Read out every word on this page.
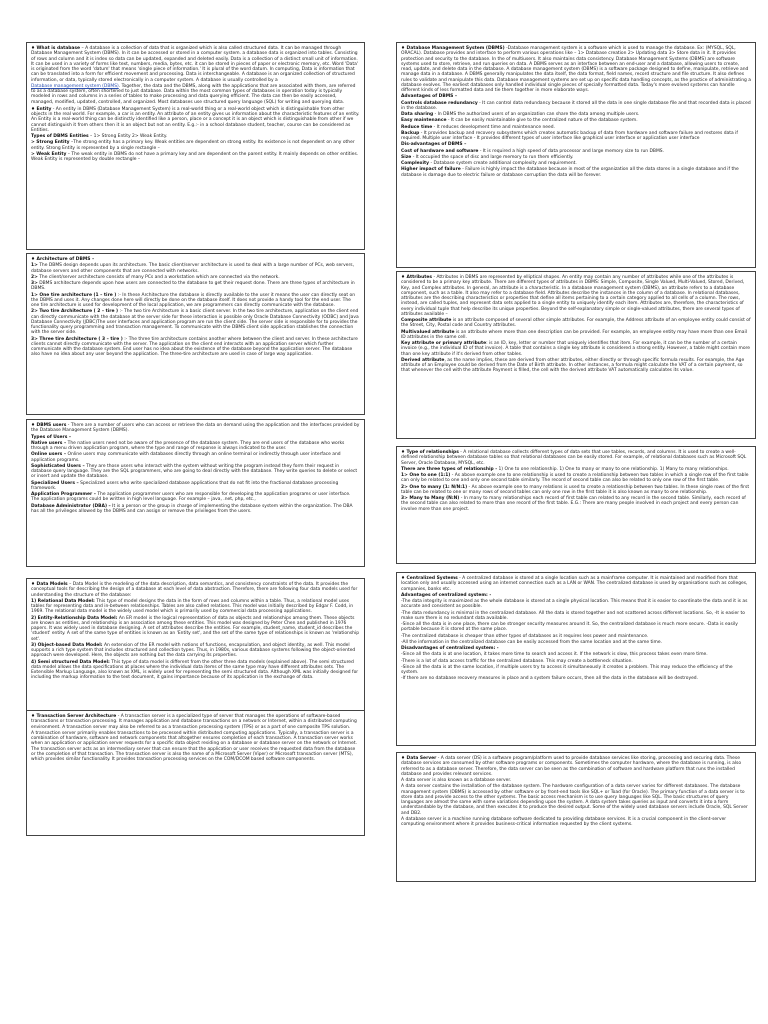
♦ What is database – A database is a collection of data that is organized which is also called structured data. It can be managed through Database Management System (DBMS). In it can be accessed or stored in a computer system. a database data is organized into tables. Consisting of rows and column and it is index so data can be updated, expanded and deleted easily. Data is a collection of a distinct small unit of information. It can be used in a variety of forms like text, numbers, media, bytes, etc. it can be stored in pieces of paper or electronic memory, etc. Word 'Data' is originated from the word 'datum' that means 'single piece of information.' It is plural of the word datum. In computing, Data is information that can be translated into a form for efficient movement and processing. Data is interchangeable. A database is an organized collection of structured information, or data, typically stored electronically in a computer system. A database is usually controlled by a

Database management system (DBMS). Together, the data and the DBMS, along with the applications that are associated with them, are referred to as a database system, often shortened to just database. Data within the most common types of databases in operation today is typically modeled in rows and columns in a series of tables to make processing and data querying efficient. The data can then be easily accessed, managed, modified, updated, controlled, and organized. Most databases use structured query language (SQL) for writing and querying data.

♦ Entity - An entity in DBMS (Database Management System) is a real-world thing or a real-world object which is distinguishable from other objects in the real world. For example, a car is an entity. An attribute of an entity gives us information about the characteristic features of an entity. An Entity is a real-world thing can be distinctly identified like a person, place or a concept it is an object which is distinguishable from other if we cannot distinguish it from others then it is an object but not an entity. E.g.:- in a school database student, teacher, course can be considered as Entities.

Types of DBMS Entities – 1> Strong Entity 2> Weak Entity.

> Strong Entity –The strong entity has a primary key. Weak entities are dependent on strong entity. Its existence is not dependent on any other entity. Strong Entity is represented by a single rectangle –

> Weak Entity – The weak entity in DBMS do not have a primary key and are dependent on the parent entity. It mainly depends on other entities. Weak Entity is represented by double rectangle –

♦ Architecture of DBMS –

1> The DBMS design depends upon its architecture. The basic client/server architecture is used to deal with a large number of PCs, web servers, database servers and other components that are connected with networks.

2> The client/server architecture consists of many PCs and a workstation which are connected via the network.

3> DBMS architecture depends upon how users are connected to the database to get their request done. There are three types of architecture in DBMS.

1> One tire architecture (1 – tire ) :- In these Architecture the database is directly available to the user it means the user can directly seat on the DBMS and uses it. Any changes done here will directly be done on the database itself. It does not provide a handy tool for the end user. The one tire architecture is used for development of the local application, we are programmers can directly communicate with the database.

2> Two tire Architecture ( 2 – tire ) :- The two tire Architecture is a basic client server. In the two tire architecture, application on the client end can directly communicate with the database at the server side for these interaction is possible only Oracle Database Connectivity (ODBC) and Java Database Connectivity (JDBC)The user interfaces and application program are run the client side. The server side is responsible for to provides the functionality query programming and transaction management. To communicate with the DBMS client side application stablishes the connection with the server side.

3> Three tire Architecture ( 3 – tire ) :- The three tire architecture contains another where between the client and server. In these architecture clients cannot directly communicate with the server. The application on the client end interacts with an application server which further communicate with the database system. End user has no idea about the existence of the database beyond the application server. The database also have no idea about any user beyond the application. The three-tire architecture are used in case of large way application.

♦ DBMS users - There are a number of users who can access or retrieve the data on demand using the application and the interfaces provided by the Database Management System (DBMS).

Types of Users –

Native users – The native users need not be aware of the presence of the database system. They are end users of the database who works through a menu driven application program, where the type and range of response is always indicated to the user.

Online users – Online users may communicate with databases directly through an online terminal or indirectly through user interface and application programs.

Sophisticated Users – They are those users who interact with the system without writing the program instead they form their request in database query language. They are the SQL programmers, who are going to deal directly with the database. They write queries to delete or select or insert and update the database.

Specialized Users – Specialized users who write specialized database applications that do not fit into the fractional database processing framework.

Application Programmer – The application programmer users who are responsible for developing the application programs or user interface. The application programs could be written in high level language. For example – java, .net, php, etc.,

Database Administrator (DBA) – It is a person or the group in charge of implementing the database system within the organization. The DBA has all the privileges allowed by the DBMS and can assign or remove the privileges from the users.

♦ Data Models – Data Model is the modeling of the data description, data semantics, and consistency constraints of the data. It provides the conceptual tools for describing the design of a database at each level of data abstraction. Therefore, there are following four data models used for understanding the structure of the database:

1) Relational Data Model: This type of model designs the data in the form of rows and columns within a table. Thus, a relational model uses tables for representing data and in-between relationships. Tables are also called relations. This model was initially described by Edgar F. Codd, in 1969. The relational data model is the widely used model which is primarily used by commercial data processing applications.

2) Entity-Relationship Data Model: An ER model is the logical representation of data as objects and relationships among them. These objects are known as entities, and relationship is an association among these entities. This model was designed by Peter Chen and published in 1976 papers. It was widely used in database designing. A set of attributes describe the entities. For example, student_name, student_id describes the 'student' entity. A set of the same type of entities is known as an 'Entity set', and the set of the same type of relationships is known as 'relationship set'.

3) Object-based Data Model: An extension of the ER model with notions of functions, encapsulation, and object identity, as well. This model supports a rich type system that includes structured and collection types. Thus, in 1980s, various database systems following the object-oriented approach were developed. Here, the objects are nothing but the data carrying its properties.

4) Semi structured Data Model: This type of data model is different from the other three data models (explained above). The semi structured data model allows the data specifications at places where the individual data items of the same type may have different attributes sets. The Extensible Markup Language, also known as XML, is widely used for representing the semi structured data. Although XML was initially designed for including the markup information to the text document, it gains importance because of its application in the exchange of data.

♦ Transaction Server Architecture - A transaction server is a specialized type of server that manages the operations of software-based transactions or transaction processing. It manages application and database transactions on a network or Internet, within a distributed computing environment. A transaction server may also be referred to as a transaction processing system (TPS) or as a part of one composite TPS solution.

A transaction server primarily enables transactions to be processed within distributed computing applications. Typically, a transaction server is a combination of hardware, software and network components that altogether ensures completion of each transaction. A transaction server works when an application or application server requests for a specific data object residing on a database or database server on the network or Internet. The transaction server acts as an intermediary server that can ensure that the application or user receives the requested data from the database or the completion of that transaction. The transaction server is also the name of a Microsoft Server (Viper) or Microsoft transaction server (MTS), which provides similar functionality. It provides transaction processing services on the COM/DCOM based software components.

♦ Database Management System (DBMS) -Database management system is a software which is used to manage the database. Ex: (MYSQL, SQL, ORACAL). Database provides and interface to perform various operations like – 1> Database creation 2> Updating data 3> Store data in it. It provides protection and security to the database. In the of multiusers. It also maintains data consistency. Database Management Systems (DBMS) are software systems used to store, retrieve, and run queries on data. A DBMS serves as an interface between an end-user and a database, allowing users to create, read, update, and delete data in the database. A database management system (DBMS) is a software package designed to define, manipulate, retrieve and manage data in a database. A DBMS generally manipulates the data itself, the data format, field names, record structure and file structure. It also defines rules to validate and manipulate this data. Database management systems are set up on specific data handling concepts, as the practice of administrating a database evolves. The earliest databases only handled individual single pieces of specially formatted data. Today's more evolved systems can handle different kinds of less formatted data and tie them together in more elaborate ways.

Advantages of DBMS –

Controls database redundancy - It can control data redundancy because it stored all the data in one single database file and that recorded data is placed in the database.

Data sharing - In DBMS the authorized users of an organization can share the data among multiple users.

Easy maintenance - It can be easily maintainable give to the centralized nature of the database system.

Reduce time - It reduces development time and maintenance need.

Backup - It provides backup and recovery subsystems which creates automatic backup of data from hardware and software failure and restores data if required. Multiple user interface - It provides different types of user interface like graphical user interface or application user interface

Dis-advantages of DBMS –

Cost of hardware and software - It is required a high speed of data processor and large memory size to run DBMS.

Size - It occupied the space of disc and large memory to run them efficiently.

Complexity - Database system create additional complexity and requirement.

Higher impact of failure - Failure is highly impact the database because in most of the organization all the data stores in a single database and if the database is damage due to electric failure or database corruption the data will be forever.

♦ Attributes - Attributes in DBMS are represented by elliptical shapes. An entity may contain any number of attributes while one of the attributes is considered to be a primary key attribute. There are different types of attributes in DBMS: Simple, Composite, Single Valued, Multi-Valued, Stored, Derived, Key, and Complex attributes. In general, an attribute is a characteristic. In a database management system (DBMS), an attribute refers to a database component, such as a table. It also may refer to a database field. Attributes describe the instances in the column of a database. In relational databases, attributes are the describing characteristics or properties that define all items pertaining to a certain category applied to all cells of a column. The rows, instead, are called tuples, and represent data sets applied to a single entity to uniquely identify each item. Attributes are, therefore, the characteristics of every individual tuple that help describe its unique properties. Beyond the self-explanatory simple or single-valued attributes, there are several types of attributes available –

Composite attribute is an attribute composed of several other simple attributes. For example, the Address attribute of an employee entity could consist of the Street, City, Postal code and Country attributes.

Multivalued attribute is an attribute where more than one description can be provided. For example, an employee entity may have more than one Email ID attributes in the same cell.

Key attribute or primary attribute: is an ID, key, letter or number that uniquely identifies that item. For example, it can be the number of a certain invoice (e.g., the individual ID of that invoice). A table that contains a single key attribute is considered a strong entity. However, a table might contain more than one key attribute if it's derived from other tables.

Derived attribute, as the name implies, these are derived from other attributes, either directly or through specific formula results. For example, the Age attribute of an Employee could be derived from the Date of Birth attribute. In other instances, a formula might calculate the VAT of a certain payment, so that whenever the cell with the attribute Payment is filled, the cell with the derived attribute VAT automatically calculates its value.

♦ Type of relationships - A relational database collects different types of data sets that use tables, records, and columns. It is used to create a well-defined relationship between database tables so that relational databases can be easily stored. For example, of relational databases such as Microsoft SQL Server, Oracle Database, MYSQL, etc.

There are three types of relationship - 1) One to one relationship. 1) One to many or many to one relationship. 1) Many to many relationships.

1> One to one (1:1) - As above example one to one relationship is used to create a relationship between two tables in which a single row of the first table can only be related to one and only one second table similarly. The record of second table can also be related to only one row of the first table.

2> One to many (1: N/N:1) - As above example one to many relations is used to create a relationship between two tables. In these single rows of the first table can be related to one or many rows of second tables can only one row in the first table it is also known as many to one relationship.

3> Many to Many (N:N) - In many to many relationships each record of first table can related to any record in the second table. Similarly, each record of the second table can also related to more than one record of the first table. E.G.: There are many people involved in each project and every person can involve more than one project.

♦ Centralized Systems - A centralized database is stored at a single location such as a mainframe computer. It is maintained and modified from that location only and usually accessed using an internet connection such as a LAN or WAN. The centralized database is used by organisations such as colleges, companies, banks etc.

Advantages of centralized system: -

-The data integrity is maximized as the whole database is stored at a single physical location. This means that it is easier to coordinate the data and it is as accurate and consistent as possible.

-The data redundancy is minimal in the centralized database. All the data is stored together and not scattered across different locations. So, -It is easier to make sure there is no redundant data available.

-Since all the data is in one place, there can be stronger security measures around it. So, the centralized database is much more secure. -Data is easily portable because it is stored at the same place.

-The centralized database is cheaper than other types of databases as it requires less power and maintenance.

-All the information in the centralized database can be easily accessed from the same location and at the same time.

Disadvantages of centralized system: -

-Since all the data is at one location, it takes more time to search and access it. If the network is slow, this process takes even more time.

-There is a lot of data access traffic for the centralized database. This may create a bottleneck situation.

-Since all the data is at the same location, if multiple users try to access it simultaneously it creates a problem. This may reduce the efficiency of the system.

-If there are no database recovery measures in place and a system failure occurs, then all the data in the database will be destroyed.

♦ Data Server - A data server (DS) is a software program/platform used to provide database services like storing, processing and securing data. These database services are consumed by other software programs or components. Sometimes the computer hardware, where the database is running, is also referred to as a database server. Therefore, the data server can be seen as the combination of software and hardware platform that runs the installed database and provides relevant services.

A data server is also known as a database server.

A data server contains the installation of the database system. The hardware configuration of a data server varies for different databases. The database management system (DBMS) is accessed by other software or by front-end tools like SQL+ or Toad (for Oracle). The primary function of a data server is to store data and provide access to the other systems. The basic access mechanism is to use query languages like SQL. The basic structures of query languages are almost the same with some variations depending upon the system. A data system takes queries as input and converts it into a form understandable by the database, and then executes it to produce the desired output. Some of the widely used database servers include Oracle, SQL Server and DB2.

A database server is a machine running database software dedicated to providing database services. It is a crucial component in the client-server computing environment where it provides business-critical information requested by the client systems.
